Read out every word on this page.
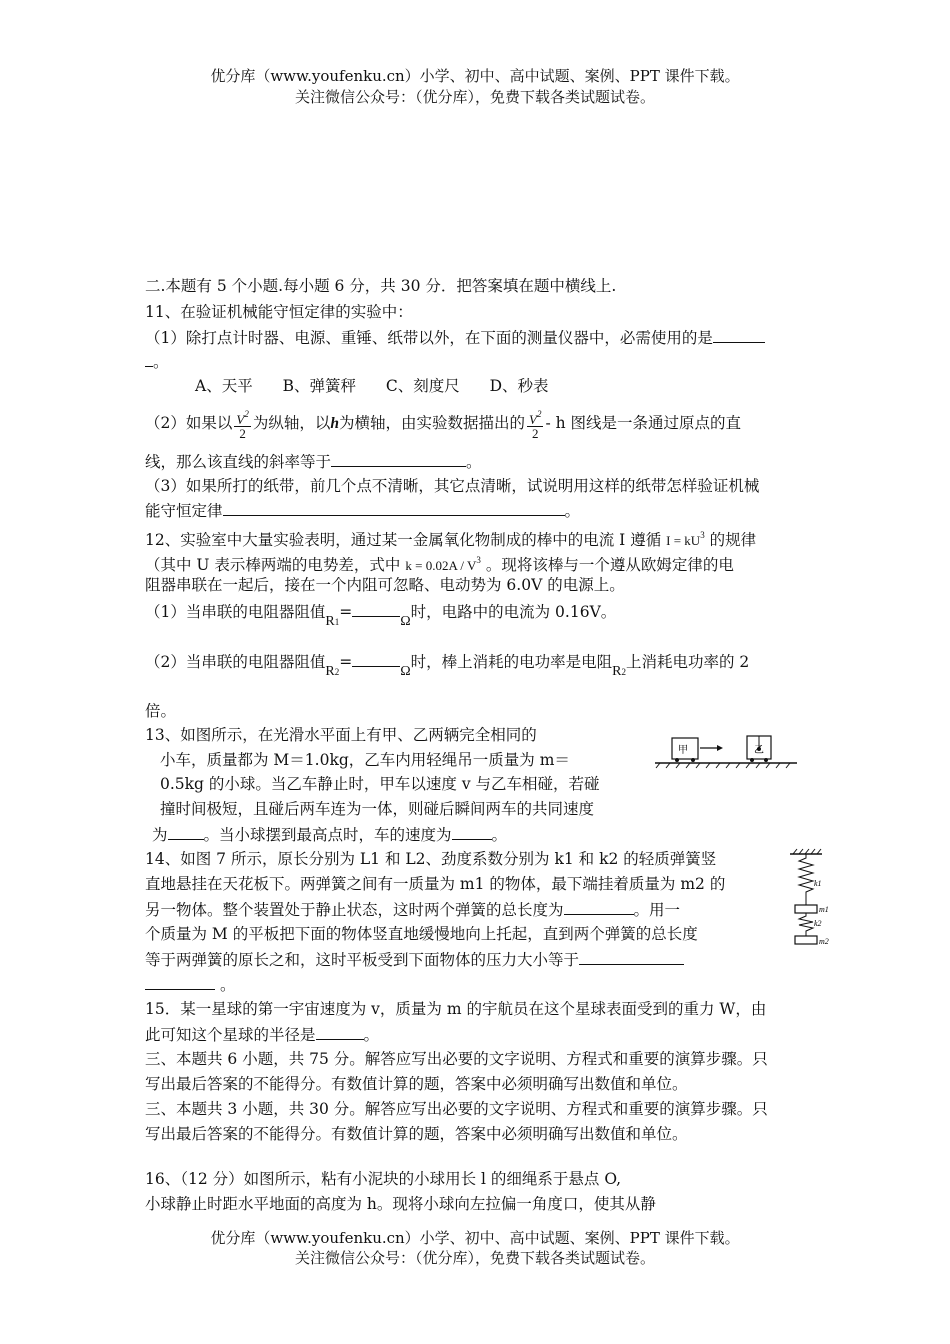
优分库（www.youfenku.cn）小学、初中、高中试题、案例、PPT 课件下载。
关注微信公众号：（优分库），免费下载各类试题试卷。
二.本题有 5 个小题.每小题 6 分，共 30 分．把答案填在题中横线上.
11、在验证机械能守恒定律的实验中：
（1）除打点计时器、电源、重锤、纸带以外，在下面的测量仪器中，必需使用的是
。
A、天平 B、弹簧秤 C、刻度尺 D、秒表
（2）如果以 $\frac{V^2}{2}$ 为纵轴，以h为横轴，由实验数据描出的 $\frac{V^2}{2}$ - h 图线是一条通过原点的直
线，那么该直线的斜率等于	。
（3）如果所打的纸带，前几个点不清晰，其它点清晰，试说明用这样的纸带怎样验证机械
能守恒定律	。
12、实验室中大量实验表明，通过某一金属氧化物制成的棒中的电流 I 遵循 $I = kU^3$ 的规律
（其中 U 表示棒两端的电势差，式中 $k = 0.02A / V^3$ 。现将该棒与一个遵从欧姆定律的电
阻器串联在一起后，接在一个内阻可忽略、电动势为 6.0V 的电源上。
（1）当串联的电阻器阻值R1=Ω时，电路中的电流为 0.16V。
（2）当串联的电阻器阻值R2=Ω时，棒上消耗的电功率是电阻R2上消耗电功率的 2
倍。
13、如图所示，在光滑水平面上有甲、乙两辆完全相同的
小车，质量都为 M＝1.0kg，乙车内用轻绳吊一质量为 m＝
0.5kg 的小球。当乙车静止时，甲车以速度 v 与乙车相碰，若碰
撞时间极短，且碰后两车连为一体，则碰后瞬间两车的共同速度
为 。当小球摆到最高点时，车的速度为	。
甲	乙
14、如图 7 所示，原长分别为 L1 和 L2、劲度系数分别为 k1 和 k2 的轻质弹簧竖
直地悬挂在天花板下。两弹簧之间有一质量为 m1 的物体，最下端挂着质量为 m2 的
另一物体。整个装置处于静止状态，这时两个弹簧的总长度为	。用一
个质量为 M 的平板把下面的物体竖直地缓慢地向上托起，直到两个弹簧的总长度
等于两弹簧的原长之和，这时平板受到下面物体的压力大小等于
。
k1
m1
k2
m2
15．某一星球的第一宇宙速度为 v，质量为 m 的宇航员在这个星球表面受到的重力 W，由
此可知这个星球的半径是	。
三、本题共 6 小题，共 75 分。解答应写出必要的文字说明、方程式和重要的演算步骤。只
写出最后答案的不能得分。有数值计算的题，答案中必须明确写出数值和单位。
三、本题共 3 小题，共 30 分。解答应写出必要的文字说明、方程式和重要的演算步骤。只
写出最后答案的不能得分。有数值计算的题，答案中必须明确写出数值和单位。
16、（12 分）如图所示，粘有小泥块的小球用长 l 的细绳系于悬点 O,
小球静止时距水平地面的高度为 h。现将小球向左拉偏一角度口，使其从静
优分库（www.youfenku.cn）小学、初中、高中试题、案例、PPT 课件下载。
关注微信公众号：（优分库），免费下载各类试题试卷。
